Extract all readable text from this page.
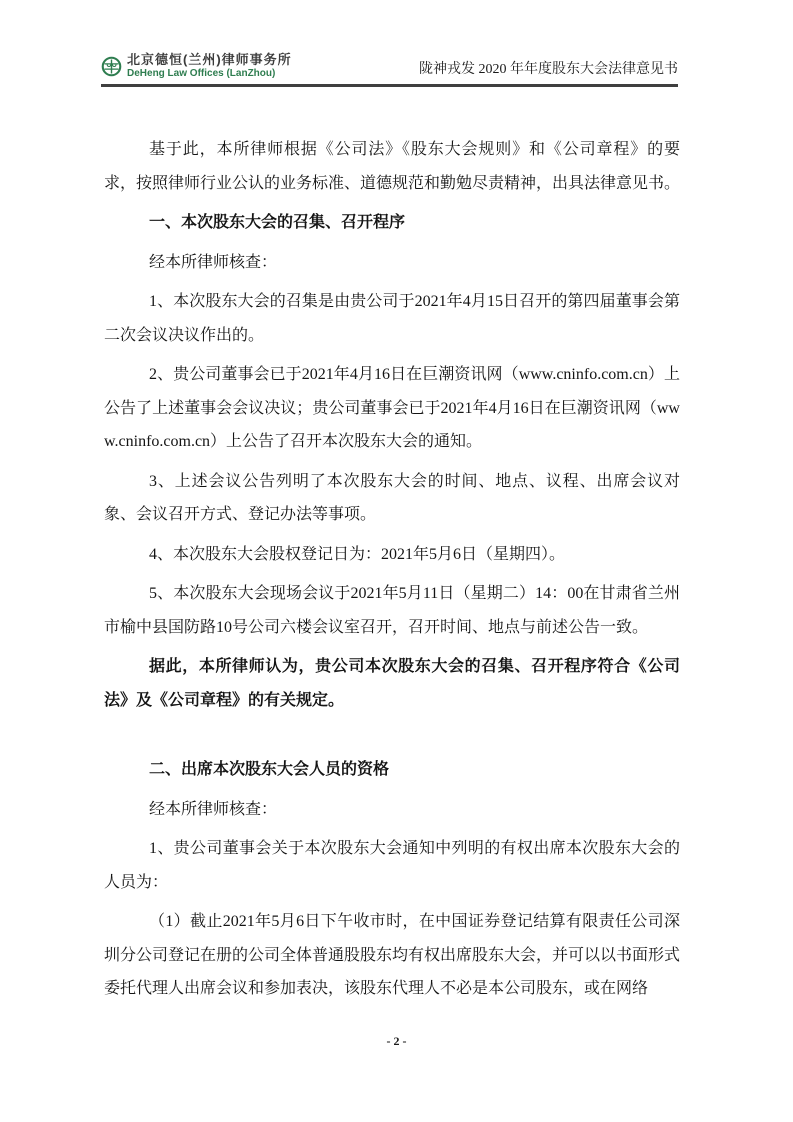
北京德恒(兰州)律师事务所
DeHeng Law Offices (LanZhou)	陇神戎发 2020 年年度股东大会法律意见书

基于此，本所律师根据《公司法》《股东大会规则》和《公司章程》的要求，按照律师行业公认的业务标准、道德规范和勤勉尽责精神，出具法律意见书。

一、本次股东大会的召集、召开程序

经本所律师核查：

1、本次股东大会的召集是由贵公司于2021年4月15日召开的第四届董事会第二次会议决议作出的。

2、贵公司董事会已于2021年4月16日在巨潮资讯网（www.cninfo.com.cn）上公告了上述董事会会议决议；贵公司董事会已于2021年4月16日在巨潮资讯网（www.cninfo.com.cn）上公告了召开本次股东大会的通知。

3、上述会议公告列明了本次股东大会的时间、地点、议程、出席会议对象、会议召开方式、登记办法等事项。

4、本次股东大会股权登记日为：2021年5月6日（星期四）。

5、本次股东大会现场会议于2021年5月11日（星期二）14：00在甘肃省兰州市榆中县国防路10号公司六楼会议室召开，召开时间、地点与前述公告一致。

据此，本所律师认为，贵公司本次股东大会的召集、召开程序符合《公司法》及《公司章程》的有关规定。

二、出席本次股东大会人员的资格

经本所律师核查：

1、贵公司董事会关于本次股东大会通知中列明的有权出席本次股东大会的人员为：

（1）截止2021年5月6日下午收市时，在中国证券登记结算有限责任公司深圳分公司登记在册的公司全体普通股股东均有权出席股东大会，并可以以书面形式委托代理人出席会议和参加表决，该股东代理人不必是本公司股东，或在网络

- 2 -
